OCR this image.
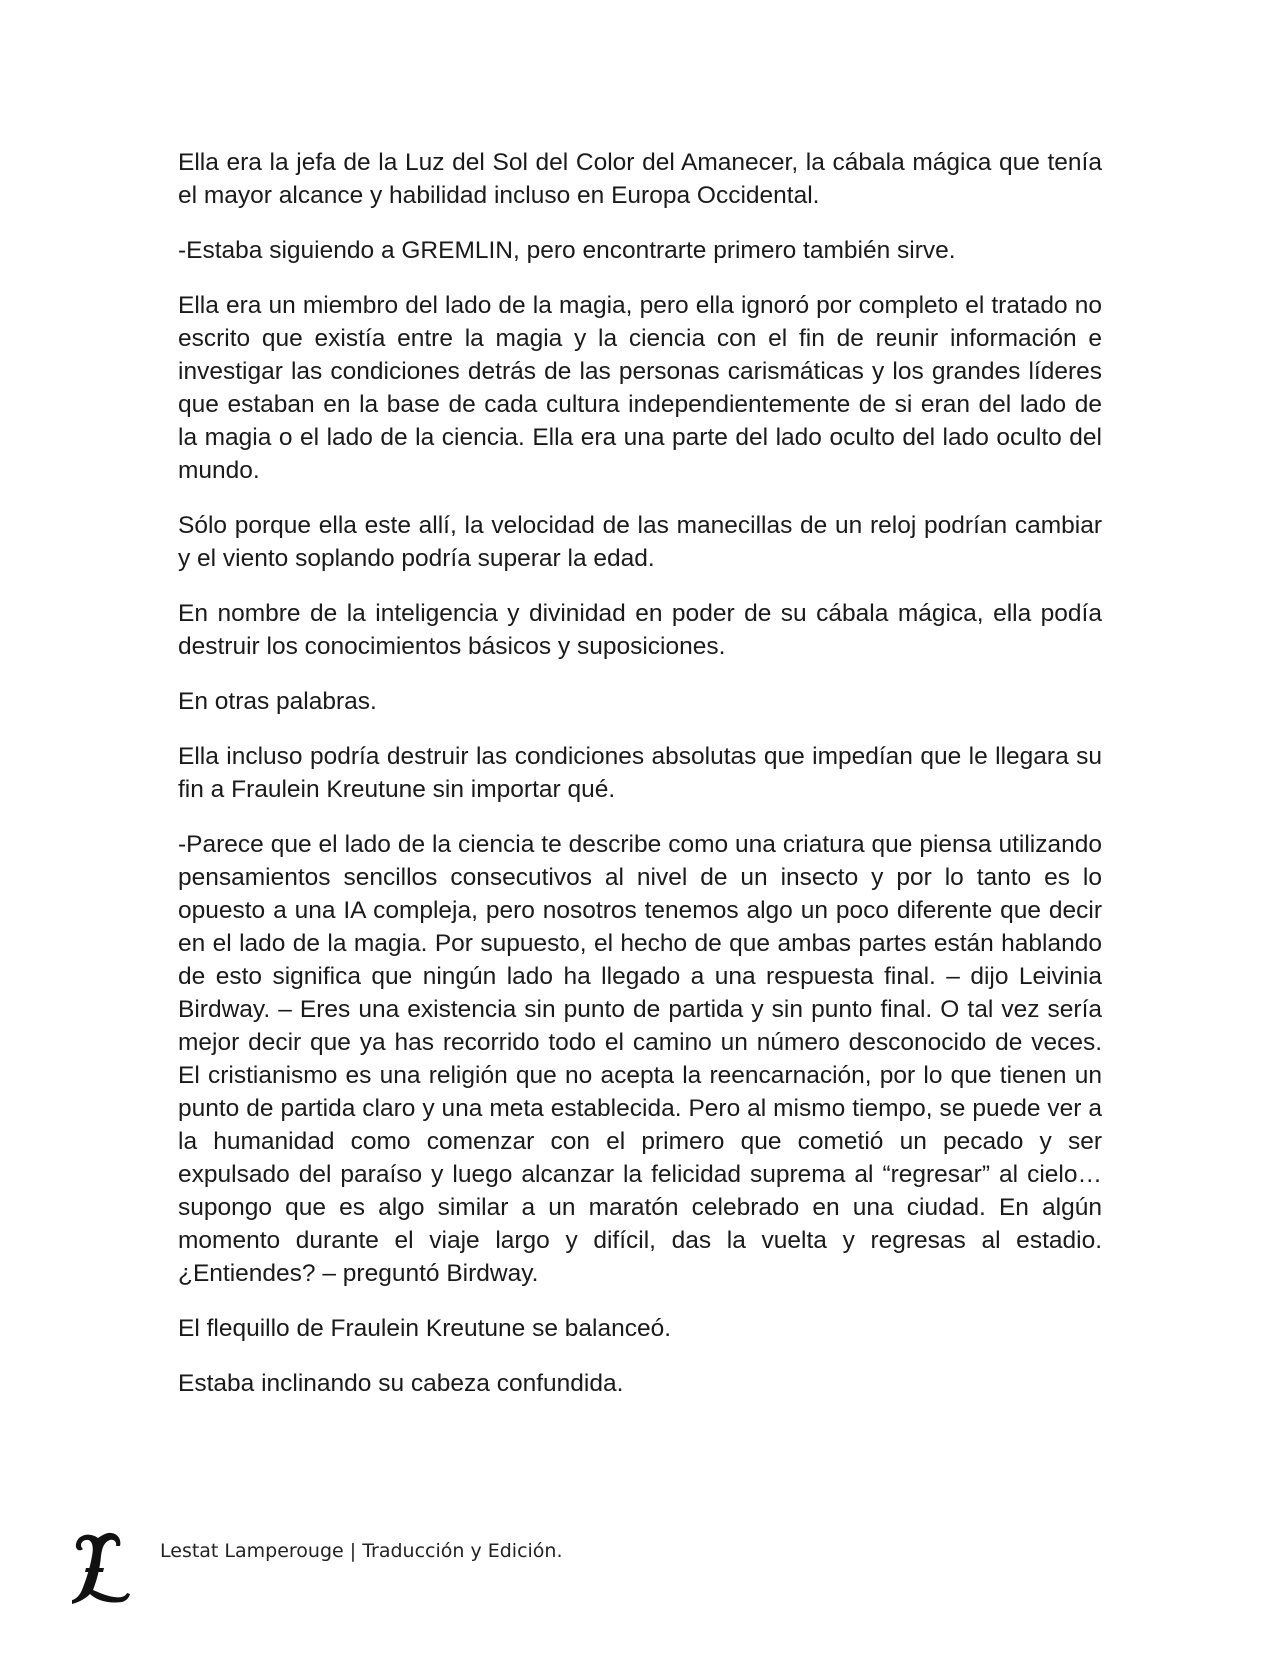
Ella era la jefa de la Luz del Sol del Color del Amanecer, la cábala mágica que tenía el mayor alcance y habilidad incluso en Europa Occidental.

-Estaba siguiendo a GREMLIN, pero encontrarte primero también sirve.

Ella era un miembro del lado de la magia, pero ella ignoró por completo el tratado no escrito que existía entre la magia y la ciencia con el fin de reunir información e investigar las condiciones detrás de las personas carismáticas y los grandes líderes que estaban en la base de cada cultura independientemente de si eran del lado de la magia o el lado de la ciencia. Ella era una parte del lado oculto del lado oculto del mundo.

Sólo porque ella este allí, la velocidad de las manecillas de un reloj podrían cambiar y el viento soplando podría superar la edad.

En nombre de la inteligencia y divinidad en poder de su cábala mágica, ella podía destruir los conocimientos básicos y suposiciones.

En otras palabras.

Ella incluso podría destruir las condiciones absolutas que impedían que le llegara su fin a Fraulein Kreutune sin importar qué.

-Parece que el lado de la ciencia te describe como una criatura que piensa utilizando pensamientos sencillos consecutivos al nivel de un insecto y por lo tanto es lo opuesto a una IA compleja, pero nosotros tenemos algo un poco diferente que decir en el lado de la magia. Por supuesto, el hecho de que ambas partes están hablando de esto significa que ningún lado ha llegado a una respuesta final. – dijo Leivinia Birdway. – Eres una existencia sin punto de partida y sin punto final. O tal vez sería mejor decir que ya has recorrido todo el camino un número desconocido de veces. El cristianismo es una religión que no acepta la reencarnación, por lo que tienen un punto de partida claro y una meta establecida. Pero al mismo tiempo, se puede ver a la humanidad como comenzar con el primero que cometió un pecado y ser expulsado del paraíso y luego alcanzar la felicidad suprema al “regresar” al cielo…supongo que es algo similar a un maratón celebrado en una ciudad. En algún momento durante el viaje largo y difícil, das la vuelta y regresas al estadio. ¿Entiendes? – preguntó Birdway.

El flequillo de Fraulein Kreutune se balanceó.

Estaba inclinando su cabeza confundida.

Lestat Lamperouge | Traducción y Edición.
